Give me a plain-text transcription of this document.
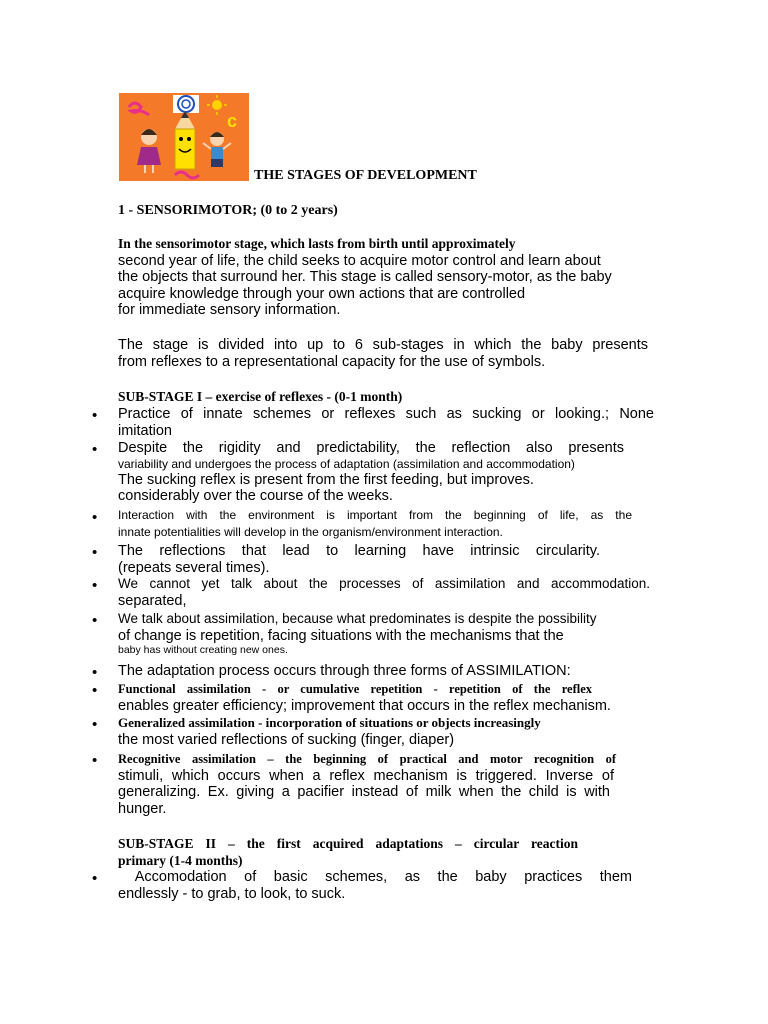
c
THE STAGES OF DEVELOPMENT
1 - SENSORIMOTOR; (0 to 2 years)
In the sensorimotor stage, which lasts from birth until approximately
second year of life, the child seeks to acquire motor control and learn about
the objects that surround her. This stage is called sensory-motor, as the baby
acquire knowledge through your own actions that are controlled
for immediate sensory information.
The stage is divided into up to 6 sub-stages in which the baby presents
from reflexes to a representational capacity for the use of symbols.
SUB-STAGE I – exercise of reflexes - (0-1 month)
• Practice of innate schemes or reflexes such as sucking or looking.; None
imitation
• Despite the rigidity and predictability, the reflection also presents
variability and undergoes the process of adaptation (assimilation and accommodation)
The sucking reflex is present from the first feeding, but improves.
considerably over the course of the weeks.
• Interaction with the environment is important from the beginning of life, as the
innate potentialities will develop in the organism/environment interaction.
• The reflections that lead to learning have intrinsic circularity.
(repeats several times).
• We cannot yet talk about the processes of assimilation and accommodation.
separated,
• We talk about assimilation, because what predominates is despite the possibility
of change is repetition, facing situations with the mechanisms that the
baby has without creating new ones.
• The adaptation process occurs through three forms of ASSIMILATION:
• Functional assimilation - or cumulative repetition - repetition of the reflex
enables greater efficiency; improvement that occurs in the reflex mechanism.
• Generalized assimilation - incorporation of situations or objects increasingly
the most varied reflections of sucking (finger, diaper)
• Recognitive assimilation – the beginning of practical and motor recognition of
stimuli, which occurs when a reflex mechanism is triggered. Inverse of
generalizing. Ex. giving a pacifier instead of milk when the child is with
hunger.
SUB-STAGE II – the first acquired adaptations – circular reaction
primary (1-4 months)
•  Accomodation of basic schemes, as the baby practices them
endlessly - to grab, to look, to suck.
